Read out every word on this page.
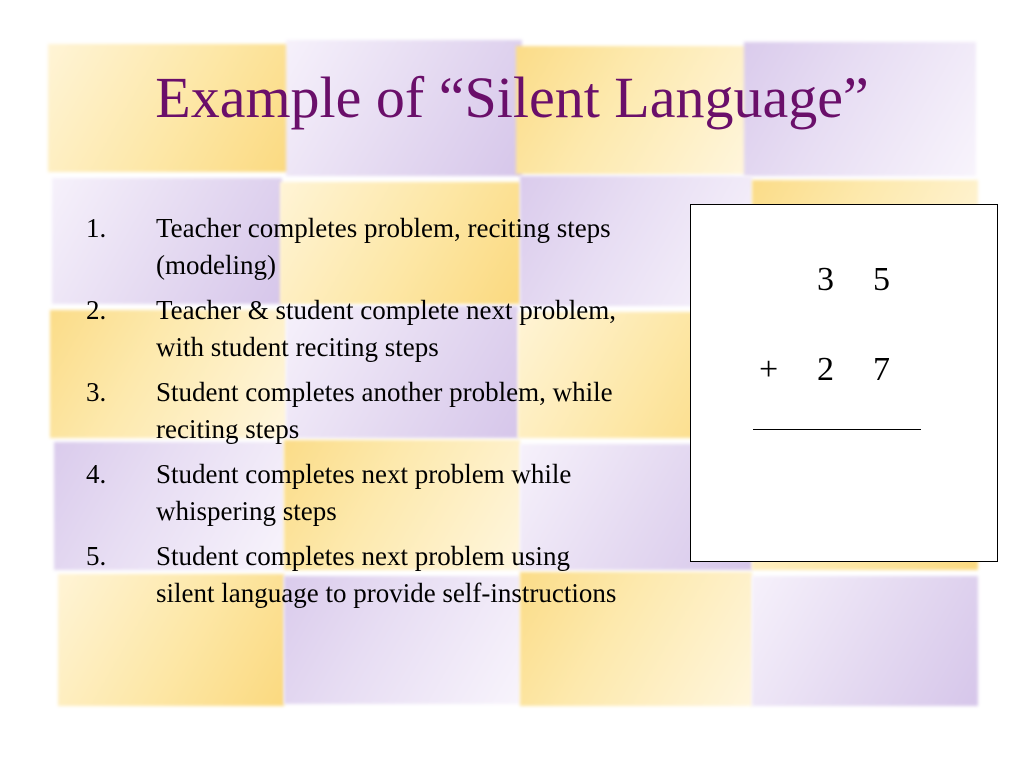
Example of “Silent Language”
1. Teacher completes problem, reciting steps (modeling)
2. Teacher & student complete next problem, with student reciting steps
3. Student completes another problem, while reciting steps
4. Student completes next problem while whispering steps
5. Student completes next problem using silent language to provide self-instructions
3 5
+ 2 7
